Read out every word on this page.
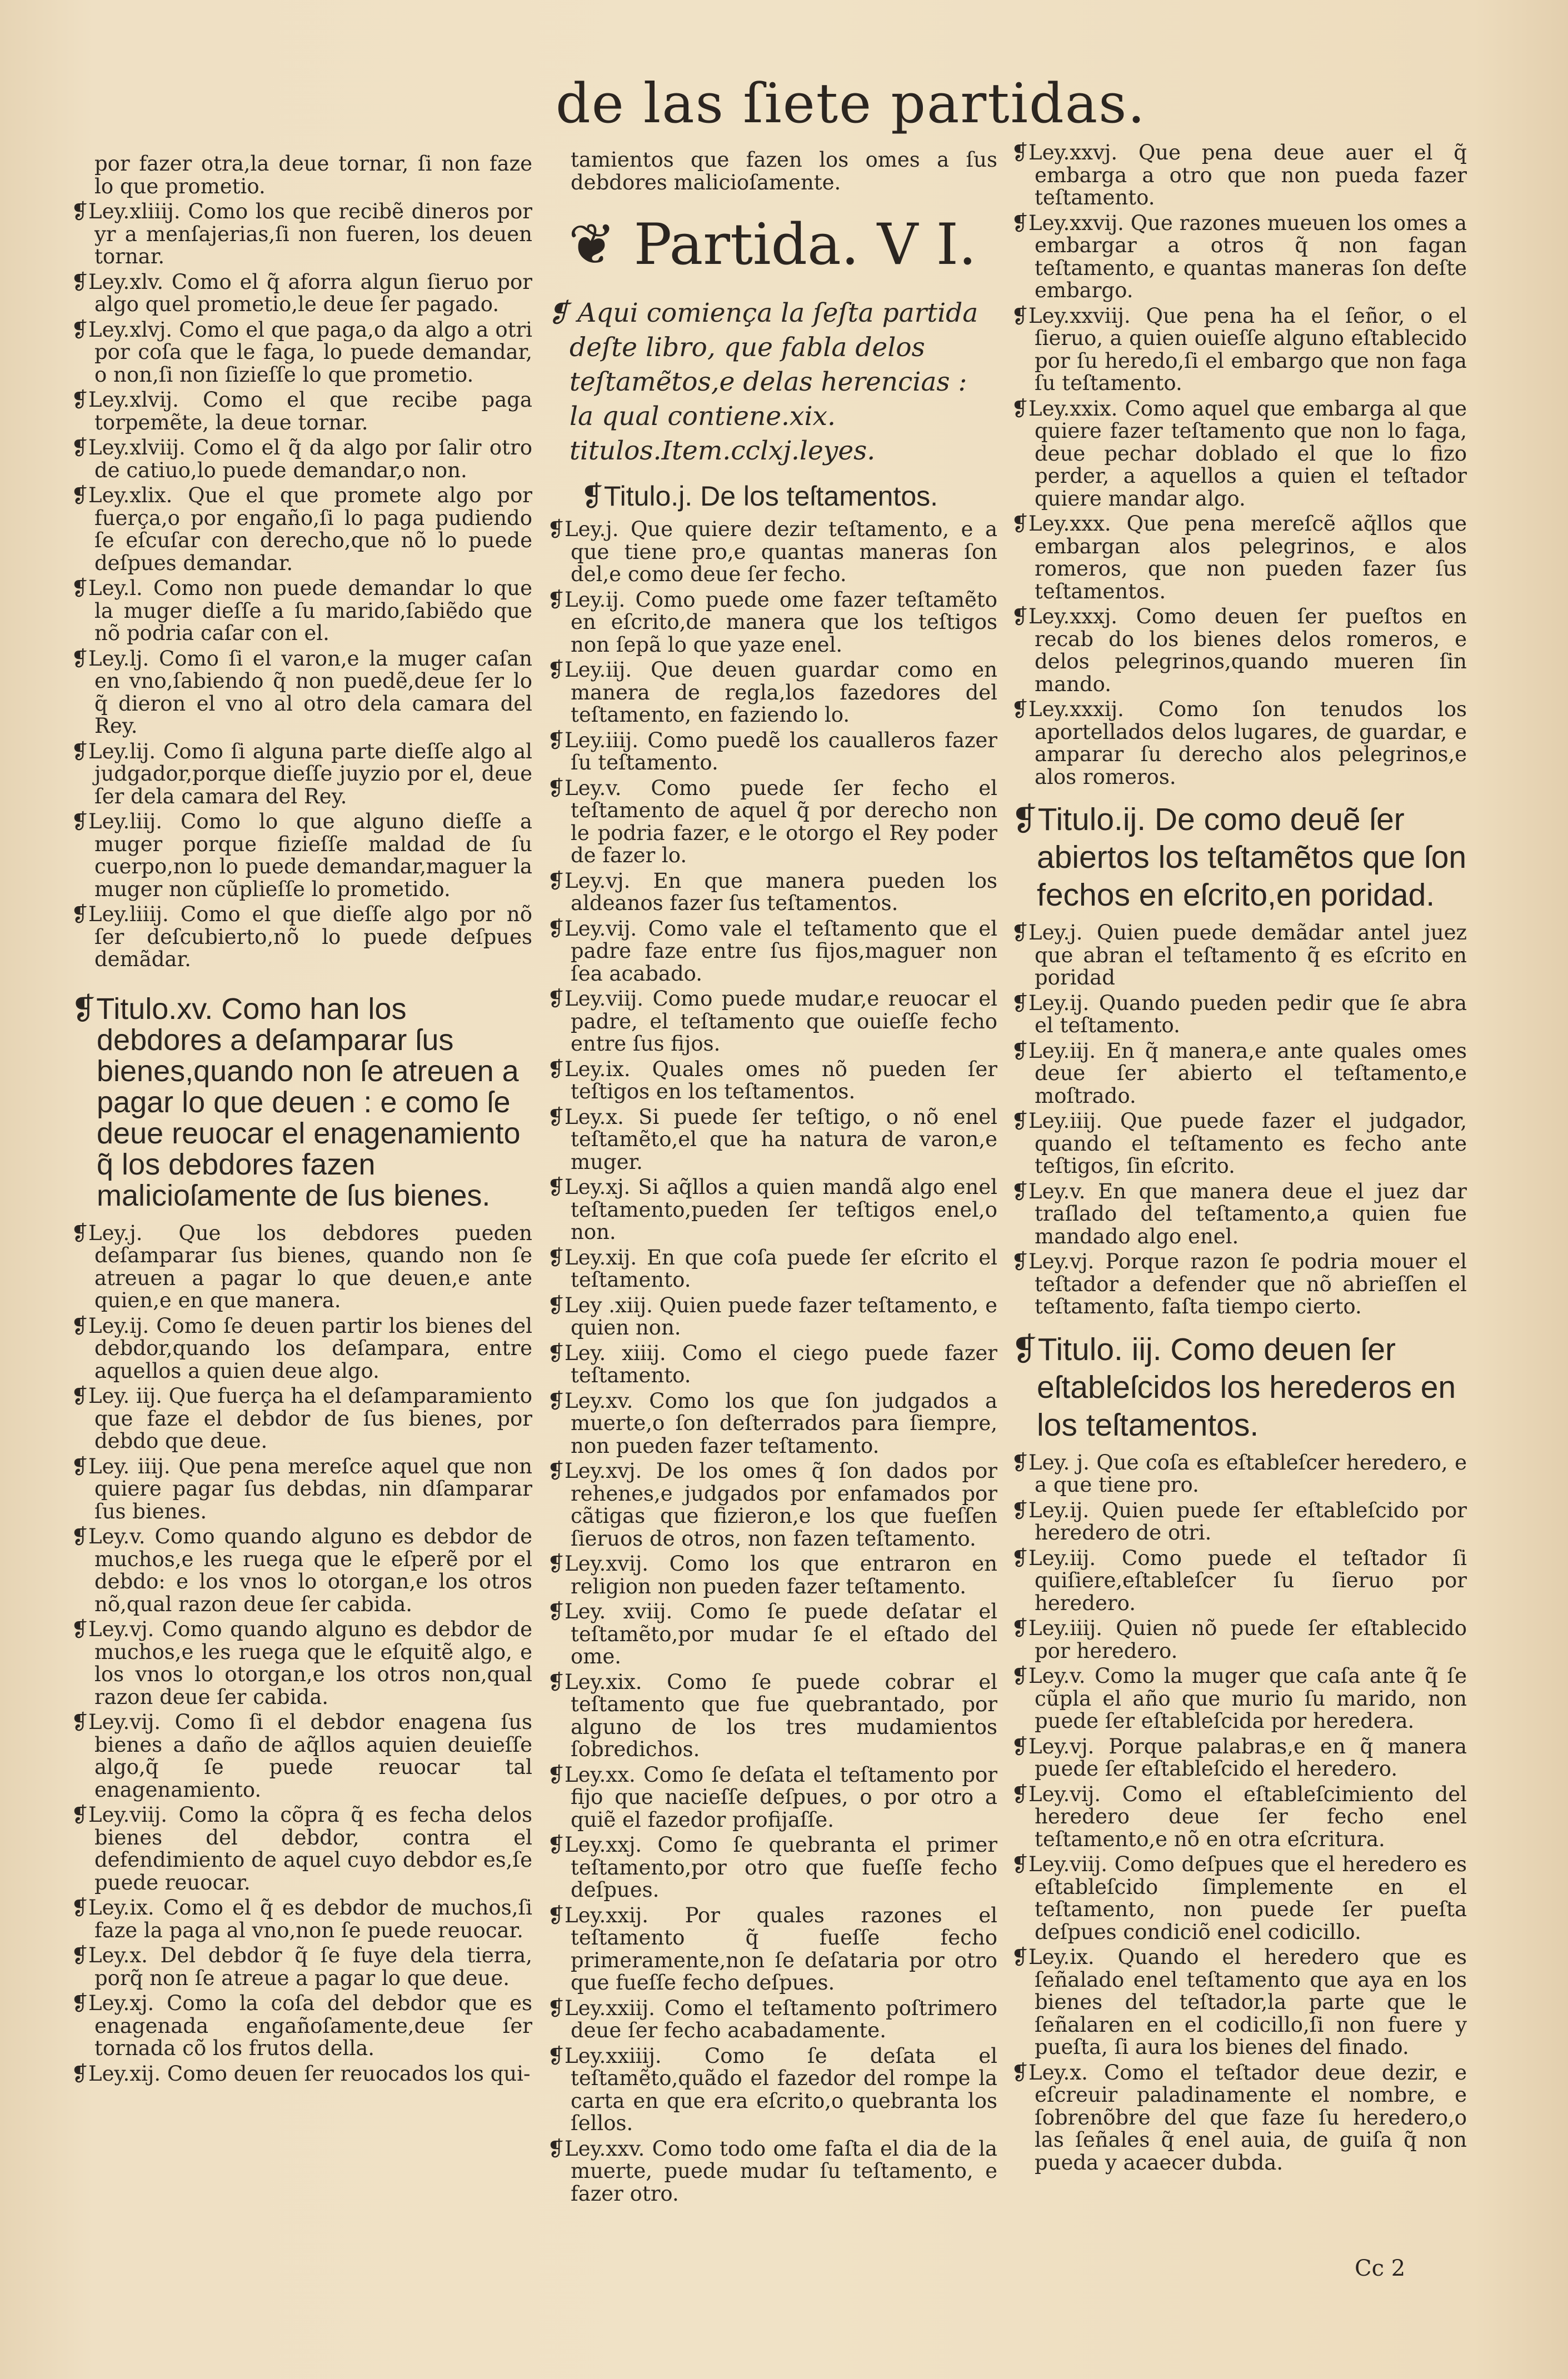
de las ſiete partidas.

por fazer otra,la deue tornar, ſi non faze lo que prometio.

❡Ley.xliiij. Como los que recibẽ dineros por yr a menſajerias,ſi non fueren, los deuen tornar.

❡Ley.xlv. Como el q̃ aforra algun ſieruo por algo quel prometio,le deue ſer pagado.

❡Ley.xlvj. Como el que paga,o da algo a otri por coſa que le faga, lo puede demandar, o non,ſi non ſizieſſe lo que prometio.

❡Ley.xlvij. Como el que recibe paga torpemẽte, la deue tornar.

❡Ley.xlviij. Como el q̃ da algo por ſalir otro de catiuo,lo puede demandar,o non.

❡Ley.xlix. Que el que promete algo por fuerça,o por engaño,ſi lo paga pudiendo ſe eſcuſar con derecho,que nõ lo puede deſpues demandar.

❡Ley.l. Como non puede demandar lo que la muger dieſſe a ſu marido,ſabiẽdo que nõ podria caſar con el.

❡Ley.lj. Como ſi el varon,e la muger caſan en vno,ſabiendo q̃ non puedẽ,deue ſer lo q̃ dieron el vno al otro dela camara del Rey.

❡Ley.lij. Como ſi alguna parte dieſſe algo al judgador,porque dieſſe juyzio por el, deue ſer dela camara del Rey.

❡Ley.liij. Como lo que alguno dieſſe a muger porque fizieſſe maldad de ſu cuerpo,non lo puede demandar,maguer la muger non cũplieſſe lo prometido.

❡Ley.liiij. Como el que dieſſe algo por nõ ſer deſcubierto,nõ lo puede deſpues demãdar.

❡Titulo.xv. Como han los debdores a deſamparar ſus bienes,quando non ſe atreuen a pagar lo que deuen : e como ſe deue reuocar el enagenamiento q̃ los debdores fazen malicioſamente de ſus bienes.

❡Ley.j. Que los debdores pueden deſamparar ſus bienes, quando non ſe atreuen a pagar lo que deuen,e ante quien,e en que manera.

❡Ley.ij. Como ſe deuen partir los bienes del debdor,quando los deſampara, entre aquellos a quien deue algo.

❡Ley. iij. Que fuerça ha el deſamparamiento que faze el debdor de ſus bienes, por debdo que deue.

❡Ley. iiij. Que pena mereſce aquel que non quiere pagar ſus debdas, nin dſamparar ſus bienes.

❡Ley.v. Como quando alguno es debdor de muchos,e les ruega que le eſperẽ por el debdo: e los vnos lo otorgan,e los otros nõ,qual razon deue ſer cabida.

❡Ley.vj. Como quando alguno es debdor de muchos,e les ruega que le eſquitẽ algo, e los vnos lo otorgan,e los otros non,qual razon deue ſer cabida.

❡Ley.vij. Como ſi el debdor enagena ſus bienes a daño de aq̃llos aquien deuieſſe algo,q̃ ſe puede reuocar tal enagenamiento.

❡Ley.viij. Como la cõpra q̃ es fecha delos bienes del debdor, contra el defendimiento de aquel cuyo debdor es,ſe puede reuocar.

❡Ley.ix. Como el q̃ es debdor de muchos,ſi faze la paga al vno,non ſe puede reuocar.

❡Ley.x. Del debdor q̃ ſe fuye dela tierra, porq̃ non ſe atreue a pagar lo que deue.

❡Ley.xj. Como la coſa del debdor que es enagenada engañoſamente,deue ſer tornada cõ los frutos della.

❡Ley.xij. Como deuen ſer reuocados los qui-

tamientos que fazen los omes a ſus debdores malicioſamente.

❦ Partida. V I.
❡ Aqui comiença la ſeſta partida deſte libro, que fabla delos teſtamẽtos,e delas herencias : la qual contiene.xix. titulos.Item.cclxj.leyes.
❡Titulo.j. De los teſtamentos.

❡Ley.j. Que quiere dezir teſtamento, e a que tiene pro,e quantas maneras ſon del,e como deue ſer fecho.

❡Ley.ij. Como puede ome fazer teſtamẽto en eſcrito,de manera que los teſtigos non ſepã lo que yaze enel.

❡Ley.iij. Que deuen guardar como en manera de regla,los fazedores del teſtamento, en faziendo lo.

❡Ley.iiij. Como puedẽ los caualleros fazer ſu teſtamento.

❡Ley.v. Como puede ſer fecho el teſtamento de aquel q̃ por derecho non le podria fazer, e le otorgo el Rey poder de fazer lo.

❡Ley.vj. En que manera pueden los aldeanos fazer ſus teſtamentos.

❡Ley.vij. Como vale el teſtamento que el padre faze entre ſus fijos,maguer non ſea acabado.

❡Ley.viij. Como puede mudar,e reuocar el padre, el teſtamento que ouieſſe fecho entre ſus fijos.

❡Ley.ix. Quales omes nõ pueden ſer teſtigos en los teſtamentos.

❡Ley.x. Si puede ſer teſtigo, o nõ enel teſtamẽto,el que ha natura de varon,e muger.

❡Ley.xj. Si aq̃llos a quien mandã algo enel teſtamento,pueden ſer teſtigos enel,o non.

❡Ley.xij. En que coſa puede ſer eſcrito el teſtamento.

❡Ley .xiij. Quien puede fazer teſtamento, e quien non.

❡Ley. xiiij. Como el ciego puede fazer teſtamento.

❡Ley.xv. Como los que ſon judgados a muerte,o ſon deſterrados para ſiempre, non pueden fazer teſtamento.

❡Ley.xvj. De los omes q̃ ſon dados por rehenes,e judgados por enfamados por cãtigas que fizieron,e los que fueſſen ſieruos de otros, non fazen teſtamento.

❡Ley.xvij. Como los que entraron en religion non pueden fazer teſtamento.

❡Ley. xviij. Como ſe puede deſatar el teſtamẽto,por mudar ſe el eſtado del ome.

❡Ley.xix. Como ſe puede cobrar el teſtamento que fue quebrantado, por alguno de los tres mudamientos ſobredichos.

❡Ley.xx. Como ſe deſata el teſtamento por fijo que nacieſſe deſpues, o por otro a quiẽ el fazedor profijaſſe.

❡Ley.xxj. Como ſe quebranta el primer teſtamento,por otro que fueſſe fecho deſpues.

❡Ley.xxij. Por quales razones el teſtamento q̃ fueſſe fecho primeramente,non ſe deſataria por otro que fueſſe fecho deſpues.

❡Ley.xxiij. Como el teſtamento poſtrimero deue ſer fecho acabadamente.

❡Ley.xxiiij. Como ſe deſata el teſtamẽto,quãdo el fazedor del rompe la carta en que era eſcrito,o quebranta los ſellos.

❡Ley.xxv. Como todo ome faſta el dia de la muerte, puede mudar ſu teſtamento, e fazer otro.

❡Ley.xxvj. Que pena deue auer el q̃ embarga a otro que non pueda fazer teſtamento.

❡Ley.xxvij. Que razones mueuen los omes a embargar a otros q̃ non fagan teſtamento, e quantas maneras ſon deſte embargo.

❡Ley.xxviij. Que pena ha el ſeñor, o el ſieruo, a quien ouieſſe alguno eſtablecido por ſu heredo,ſi el embargo que non faga ſu teſtamento.

❡Ley.xxix. Como aquel que embarga al que quiere fazer teſtamento que non lo faga, deue pechar doblado el que lo fizo perder, a aquellos a quien el teſtador quiere mandar algo.

❡Ley.xxx. Que pena mereſcẽ aq̃llos que embargan alos pelegrinos, e alos romeros, que non pueden fazer ſus teſtamentos.

❡Ley.xxxj. Como deuen ſer pueſtos en recab do los bienes delos romeros, e delos pelegrinos,quando mueren ſin mando.

❡Ley.xxxij. Como ſon tenudos los aportellados delos lugares, de guardar, e amparar ſu derecho alos pelegrinos,e alos romeros.

❡Titulo.ij. De como deuẽ ſer abiertos los teſtamẽtos que ſon fechos en eſcrito,en poridad.

❡Ley.j. Quien puede demãdar antel juez que abran el teſtamento q̃ es eſcrito en poridad

❡Ley.ij. Quando pueden pedir que ſe abra el teſtamento.

❡Ley.iij. En q̃ manera,e ante quales omes deue ſer abierto el teſtamento,e moſtrado.

❡Ley.iiij. Que puede fazer el judgador, quando el teſtamento es fecho ante teſtigos, ſin eſcrito.

❡Ley.v. En que manera deue el juez dar traſlado del teſtamento,a quien fue mandado algo enel.

❡Ley.vj. Porque razon ſe podria mouer el teſtador a defender que nõ abrieſſen el teſtamento, faſta tiempo cierto.

❡Titulo. iij. Como deuen ſer eſtableſcidos los herederos en los teſtamentos.

❡Ley. j. Que coſa es eſtableſcer heredero, e a que tiene pro.

❡Ley.ij. Quien puede ſer eſtableſcido por heredero de otri.

❡Ley.iij. Como puede el teſtador ſi quiſiere,eſtableſcer ſu ſieruo por heredero.

❡Ley.iiij. Quien nõ puede ſer eſtablecido por heredero.

❡Ley.v. Como la muger que caſa ante q̃ ſe cũpla el año que murio ſu marido, non puede ſer eſtableſcida por heredera.

❡Ley.vj. Porque palabras,e en q̃ manera puede ſer eſtableſcido el heredero.

❡Ley.vij. Como el eſtableſcimiento del heredero deue ſer fecho enel teſtamento,e nõ en otra eſcritura.

❡Ley.viij. Como deſpues que el heredero es eſtableſcido ſimplemente en el teſtamento, non puede ſer pueſta deſpues condiciõ enel codicillo.

❡Ley.ix. Quando el heredero que es ſeñalado enel teſtamento que aya en los bienes del teſtador,la parte que le ſeñalaren en el codicillo,ſi non fuere y pueſta, ſi aura los bienes del finado.

❡Ley.x. Como el teſtador deue dezir, e eſcreuir paladinamente el nombre, e ſobrenõbre del que faze ſu heredero,o las ſeñales q̃ enel auia, de guiſa q̃ non pueda y acaecer dubda.

Cc 2
